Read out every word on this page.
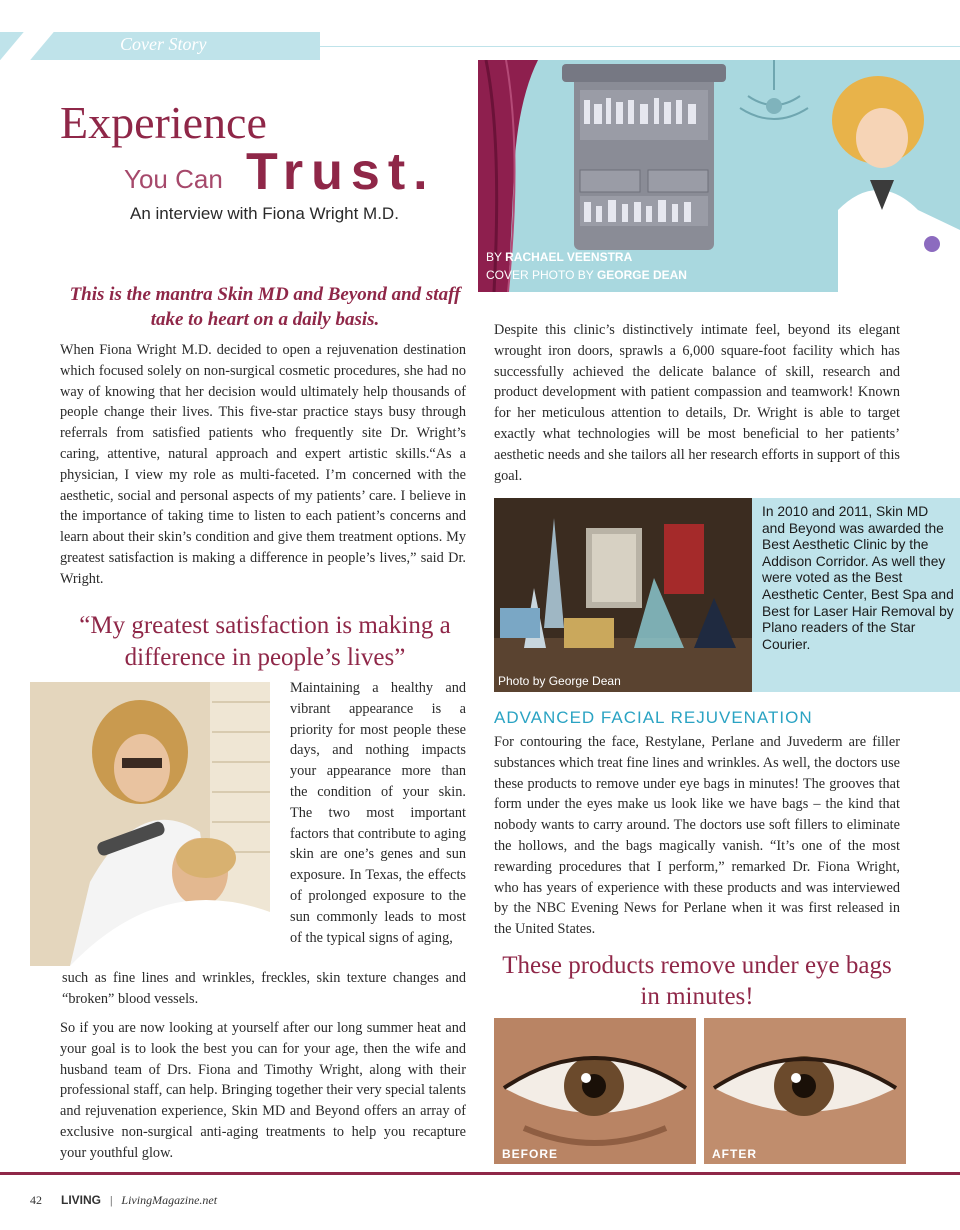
Cover Story
Experience
You Can Trust.
An interview with Fiona Wright M.D.
BY RACHAEL VEENSTRA
COVER PHOTO BY GEORGE DEAN
This is the mantra Skin MD and Beyond and staff take to heart on a daily basis.
When Fiona Wright M.D. decided to open a rejuvenation destination which focused solely on non-surgical cosmetic procedures, she had no way of knowing that her decision would ultimately help thousands of people change their lives. This five-star practice stays busy through referrals from satisfied patients who frequently site Dr. Wright’s caring, attentive, natural approach and expert artistic skills.“As a physician, I view my role as multi-faceted. I’m concerned with the aesthetic, social and personal aspects of my patients’ care. I believe in the importance of taking time to listen to each patient’s concerns and learn about their skin’s condition and give them treatment options. My greatest satisfaction is making a difference in people’s lives,” said Dr. Wright.
“My greatest satisfaction is making a difference in people’s lives”
Maintaining a healthy and vibrant appearance is a priority for most people these days, and nothing impacts your appearance more than the condition of your skin. The two most important factors that contribute to aging skin are one’s genes and sun exposure. In Texas, the effects of prolonged exposure to the sun commonly leads to most of the typical signs of aging,
such as fine lines and wrinkles, freckles, skin texture changes and “broken” blood vessels.
So if you are now looking at yourself after our long summer heat and your goal is to look the best you can for your age, then the wife and husband team of Drs. Fiona and Timothy Wright, along with their professional staff, can help. Bringing together their very special talents and rejuvenation experience, Skin MD and Beyond offers an array of exclusive non-surgical anti-aging treatments to help you recapture your youthful glow.
Despite this clinic’s distinctively intimate feel, beyond its elegant wrought iron doors, sprawls a 6,000 square-foot facility which has successfully achieved the delicate balance of skill, research and product development with patient compassion and teamwork! Known for her meticulous attention to details, Dr. Wright is able to target exactly what technologies will be most beneficial to her patients’ aesthetic needs and she tailors all her research efforts in support of this goal.
Photo by George Dean
In 2010 and 2011, Skin MD and Beyond was awarded the Best Aesthetic Clinic by the Addison Corridor. As well they were voted as the Best Aesthetic Center, Best Spa and Best for Laser Hair Removal by Plano readers of the Star Courier.
ADVANCED FACIAL REJUVENATION
For contouring the face, Restylane, Perlane and Juvederm are filler substances which treat fine lines and wrinkles. As well, the doctors use these products to remove under eye bags in minutes! The grooves that form under the eyes make us look like we have bags – the kind that nobody wants to carry around. The doctors use soft fillers to eliminate the hollows, and the bags magically vanish. “It’s one of the most rewarding procedures that I perform,” remarked Dr. Fiona Wright, who has years of experience with these products and was interviewed by the NBC Evening News for Perlane when it was first released in the United States.
These products remove under eye bags in minutes!
BEFORE	AFTER
42 LIVING | LivingMagazine.net
